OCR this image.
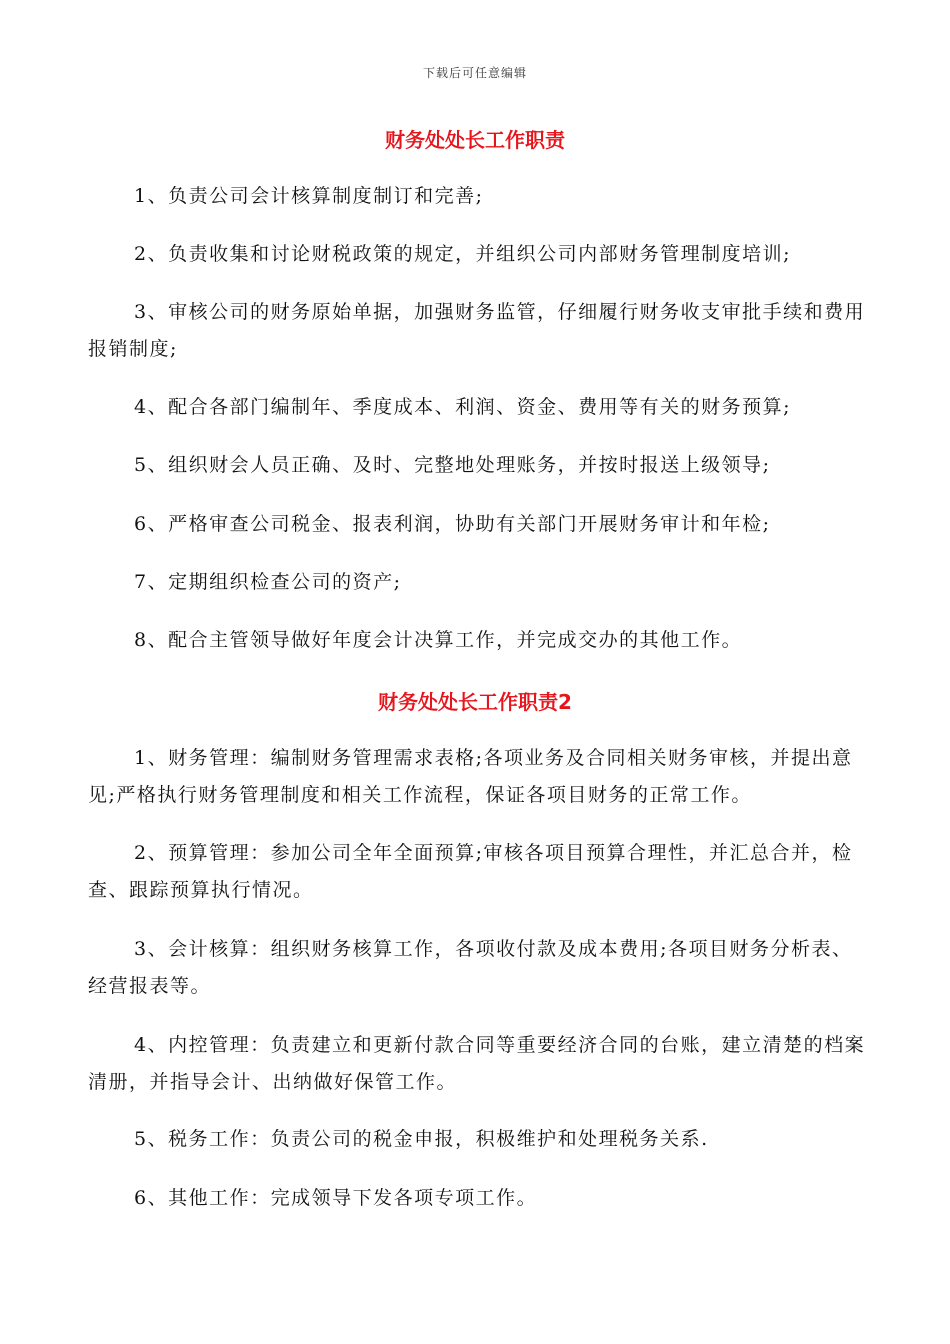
下载后可任意编辑
财务处处长工作职责
1、负责公司会计核算制度制订和完善;
2、负责收集和讨论财税政策的规定，并组织公司内部财务管理制度培训;
3、审核公司的财务原始单据，加强财务监管，仔细履行财务收支审批手续和费用报销制度;
4、配合各部门编制年、季度成本、利润、资金、费用等有关的财务预算;
5、组织财会人员正确、及时、完整地处理账务，并按时报送上级领导;
6、严格审查公司税金、报表利润，协助有关部门开展财务审计和年检;
7、定期组织检查公司的资产;
8、配合主管领导做好年度会计决算工作，并完成交办的其他工作。
财务处处长工作职责2
1、财务管理：编制财务管理需求表格;各项业务及合同相关财务审核，并提出意见;严格执行财务管理制度和相关工作流程，保证各项目财务的正常工作。
2、预算管理：参加公司全年全面预算;审核各项目预算合理性，并汇总合并，检查、跟踪预算执行情况。
3、会计核算：组织财务核算工作，各项收付款及成本费用;各项目财务分析表、经营报表等。
4、内控管理：负责建立和更新付款合同等重要经济合同的台账，建立清楚的档案清册，并指导会计、出纳做好保管工作。
5、税务工作：负责公司的税金申报，积极维护和处理税务关系.
6、其他工作：完成领导下发各项专项工作。
